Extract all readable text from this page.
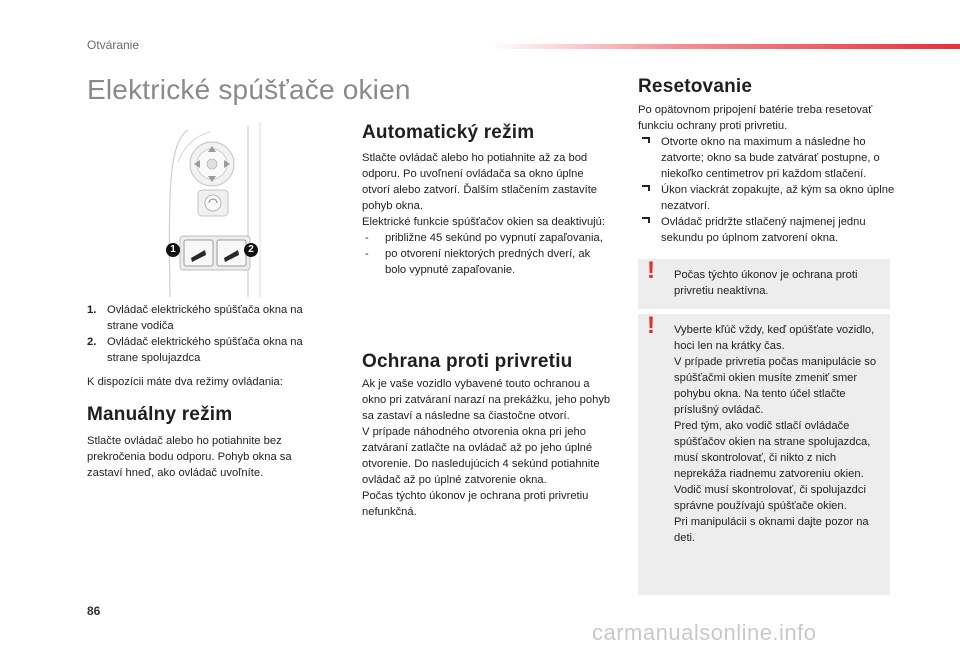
Otváranie
Elektrické spúšťače okien
1	2
1. Ovládač elektrického spúšťača okna na strane vodiča
2. Ovládač elektrického spúšťača okna na strane spolujazdca

K dispozícii máte dva režimy ovládania:

Manuálny režim

Stlačte ovládač alebo ho potiahnite bez prekročenia bodu odporu. Pohyb okna sa zastaví hneď, ako ovládač uvoľníte.

Automatický režim

Stlačte ovládač alebo ho potiahnite až za bod odporu. Po uvoľnení ovládača sa okno úplne otvorí alebo zatvorí. Ďalším stlačením zastavíte pohyb okna.

Elektrické funkcie spúšťačov okien sa deaktivujú:

- približne 45 sekúnd po vypnutí zapaľovania,
- po otvorení niektorých predných dverí, ak bolo vypnuté zapaľovanie.
Ochrana proti privretiu

Ak je vaše vozidlo vybavené touto ochranou a okno pri zatváraní narazí na prekážku, jeho pohyb sa zastaví a následne sa čiastočne otvorí.

V prípade náhodného otvorenia okna pri jeho zatváraní zatlačte na ovládač až po jeho úplné otvorenie. Do nasledujúcich 4 sekúnd potiahnite ovládač až po úplné zatvorenie okna.

Počas týchto úkonov je ochrana proti privretiu nefunkčná.

Resetovanie

Po opätovnom pripojení batérie treba resetovať funkciu ochrany proti privretiu.

Otvorte okno na maximum a následne ho zatvorte; okno sa bude zatvárať postupne, o niekoľko centimetrov pri každom stlačení.
Úkon viackrát zopakujte, až kým sa okno úplne nezatvorí.
Ovládač pridržte stlačený najmenej jednu sekundu po úplnom zatvorení okna.
! Počas týchto úkonov je ochrana proti privretiu neaktívna.
! Vyberte kľúč vždy, keď opúšťate vozidlo, hoci len na krátky čas.

V prípade privretia počas manipulácie so spúšťačmi okien musíte zmeniť smer pohybu okna. Na tento účel stlačte príslušný ovládač.

Pred tým, ako vodič stlačí ovládače spúšťačov okien na strane spolujazdca, musí skontrolovať, či nikto z nich neprekáža riadnemu zatvoreniu okien.

Vodič musí skontrolovať, či spolujazdci správne používajú spúšťače okien.

Pri manipulácii s oknami dajte pozor na deti.

86
carmanualsonline.info
